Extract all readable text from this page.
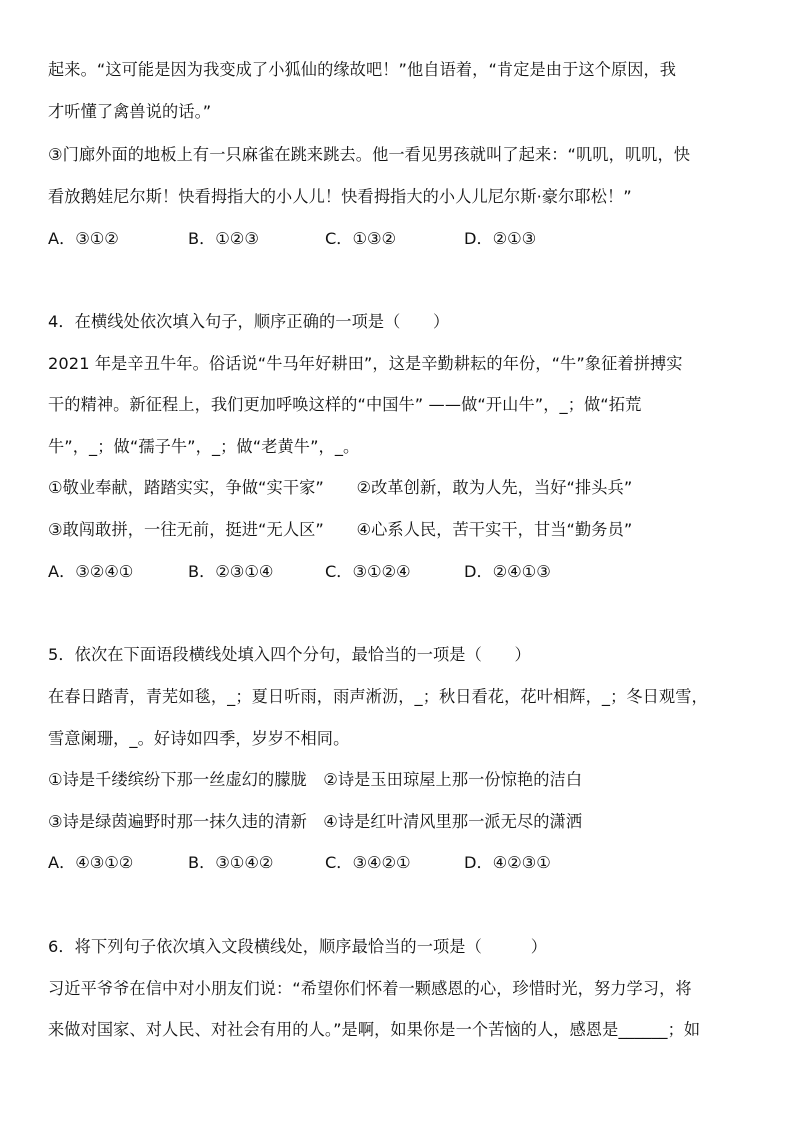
起来。“这可能是因为我变成了小狐仙的缘故吧！”他自语着，“肯定是由于这个原因，我
才听懂了禽兽说的话。”
③门廊外面的地板上有一只麻雀在跳来跳去。他一看见男孩就叫了起来：“叽叽，叽叽，快
看放鹅娃尼尔斯！快看拇指大的小人儿！快看拇指大的小人儿尼尔斯·豪尔耶松！”
A．③①②	B．①②③	C．①③②	D．②①③
4．在横线处依次填入句子，顺序正确的一项是（　　）
2021 年是辛丑牛年。俗话说“牛马年好耕田”，这是辛勤耕耘的年份，“牛”象征着拼搏实
干的精神。新征程上，我们更加呼唤这样的“中国牛” ——做“开山牛”，_；做“拓荒
牛”，_；做“孺子牛”，_；做“老黄牛”，_。
①敬业奉献，踏踏实实，争做“实干家”　　②改革创新，敢为人先，当好“排头兵”
③敢闯敢拼，一往无前，挺进“无人区”　　④心系人民，苦干实干，甘当“勤务员”
A．③②④①	B．②③①④	C．③①②④	D．②④①③
5．依次在下面语段横线处填入四个分句，最恰当的一项是（　　）
在春日踏青，青芜如毯，_；夏日听雨，雨声淅沥，_；秋日看花，花叶相辉，_；冬日观雪，
雪意阑珊，_。好诗如四季，岁岁不相同。
①诗是千缕缤纷下那一丝虚幻的朦胧　②诗是玉田琼屋上那一份惊艳的洁白
③诗是绿茵遍野时那一抹久违的清新　④诗是红叶清风里那一派无尽的潇洒
A．④③①②	B．③①④②	C．③④②①	D．④②③①
6．将下列句子依次填入文段横线处，顺序最恰当的一项是（　　　）
习近平爷爷在信中对小朋友们说：“希望你们怀着一颗感恩的心，珍惜时光，努力学习，将
来做对国家、对人民、对社会有用的人。”是啊，如果你是一个苦恼的人，感恩是______；如
